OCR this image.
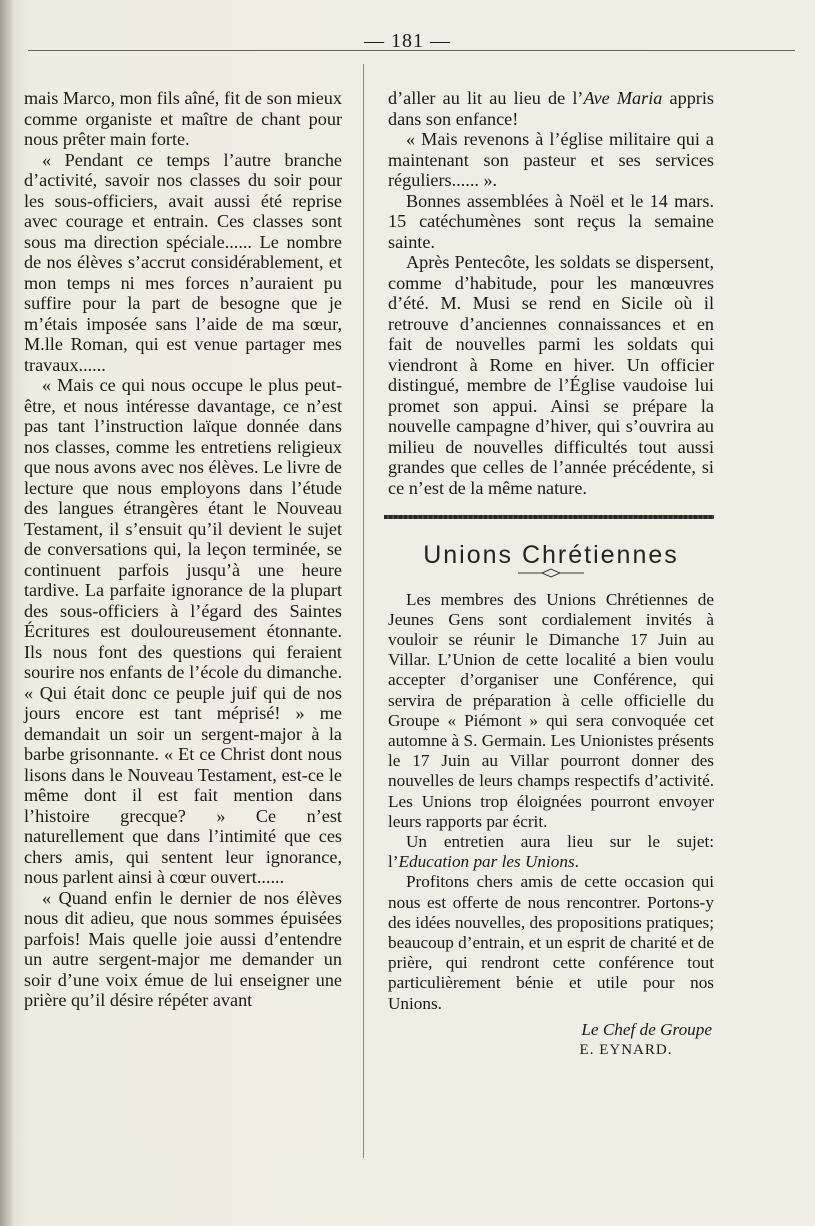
— 181 —

mais Marco, mon fils aîné, fit de son mieux comme organiste et maître de chant pour nous prêter main forte.

« Pendant ce temps l’autre branche d’activité, savoir nos classes du soir pour les sous-officiers, avait aussi été reprise avec courage et entrain. Ces classes sont sous ma direction spéciale...... Le nombre de nos élèves s’accrut considérablement, et mon temps ni mes forces n’auraient pu suffire pour la part de besogne que je m’étais imposée sans l’aide de ma sœur, M.lle Roman, qui est venue partager mes travaux......

« Mais ce qui nous occupe le plus peut-être, et nous intéresse davantage, ce n’est pas tant l’instruction laïque donnée dans nos classes, comme les entretiens religieux que nous avons avec nos élèves. Le livre de lecture que nous employons dans l’étude des langues étrangères étant le Nouveau Testament, il s’ensuit qu’il devient le sujet de conversations qui, la leçon terminée, se continuent parfois jusqu’à une heure tardive. La parfaite ignorance de la plupart des sous-officiers à l’égard des Saintes Écritures est douloureusement étonnante. Ils nous font des questions qui feraient sourire nos enfants de l’école du dimanche. « Qui était donc ce peuple juif qui de nos jours encore est tant méprisé! » me demandait un soir un sergent-major à la barbe grisonnante. « Et ce Christ dont nous lisons dans le Nouveau Testament, est-ce le même dont il est fait mention dans l’histoire grecque? » Ce n’est naturellement que dans l’intimité que ces chers amis, qui sentent leur ignorance, nous parlent ainsi à cœur ouvert......

« Quand enfin le dernier de nos élèves nous dit adieu, que nous sommes épuisées parfois! Mais quelle joie aussi d’entendre un autre sergent-major me demander un soir d’une voix émue de lui enseigner une prière qu’il désire répéter avant

d’aller au lit au lieu de l’Ave Maria appris dans son enfance!

« Mais revenons à l’église militaire qui a maintenant son pasteur et ses services réguliers...... ».

Bonnes assemblées à Noël et le 14 mars. 15 catéchumènes sont reçus la semaine sainte.

Après Pentecôte, les soldats se dispersent, comme d’habitude, pour les manœuvres d’été. M. Musi se rend en Sicile où il retrouve d’anciennes connaissances et en fait de nouvelles parmi les soldats qui viendront à Rome en hiver. Un officier distingué, membre de l’Église vaudoise lui promet son appui. Ainsi se prépare la nouvelle campagne d’hiver, qui s’ouvrira au milieu de nouvelles difficultés tout aussi grandes que celles de l’année précédente, si ce n’est de la même nature.

Unions Chrétiennes

Les membres des Unions Chrétiennes de Jeunes Gens sont cordialement invités à vouloir se réunir le Dimanche 17 Juin au Villar. L’Union de cette localité a bien voulu accepter d’organiser une Conférence, qui servira de préparation à celle officielle du Groupe « Piémont » qui sera convoquée cet automne à S. Germain. Les Unionistes présents le 17 Juin au Villar pourront donner des nouvelles de leurs champs respectifs d’activité. Les Unions trop éloignées pourront envoyer leurs rapports par écrit.

Un entretien aura lieu sur le sujet: l’Education par les Unions.

Profitons chers amis de cette occasion qui nous est offerte de nous rencontrer. Portons-y des idées nouvelles, des propositions pratiques; beaucoup d’entrain, et un esprit de charité et de prière, qui rendront cette conférence tout particulièrement bénie et utile pour nos Unions.

Le Chef de Groupe
E. EYNARD.
